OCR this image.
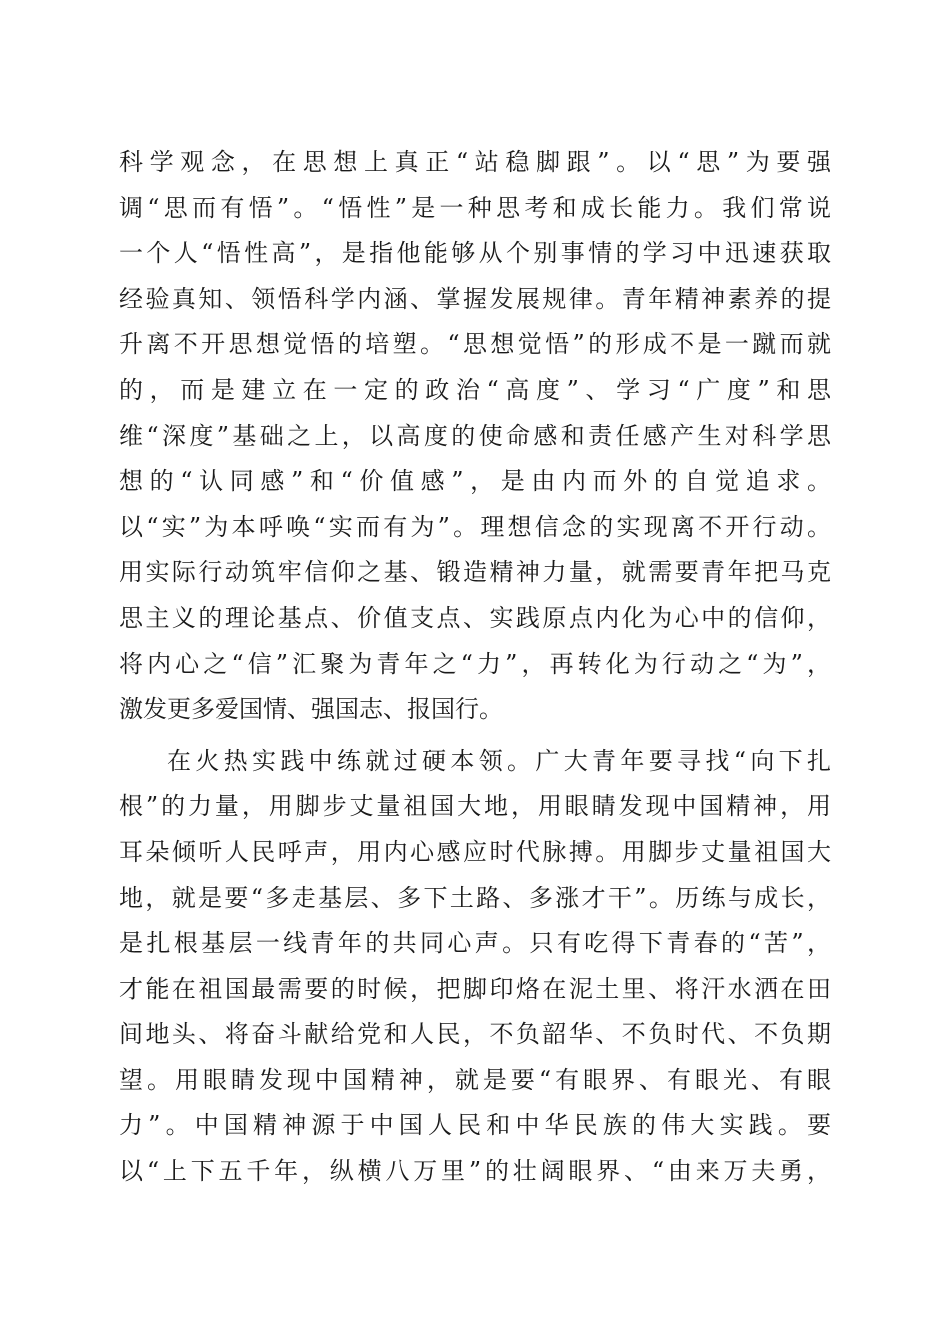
科学观念，在思想上真正“站稳脚跟”。以“思”为要强
调“思而有悟”。“悟性”是一种思考和成长能力。我们常说
一个人“悟性高”，是指他能够从个别事情的学习中迅速获取
经验真知、领悟科学内涵、掌握发展规律。青年精神素养的提
升离不开思想觉悟的培塑。“思想觉悟”的形成不是一蹴而就
的，而是建立在一定的政治“高度”、学习“广度”和思
维“深度”基础之上，以高度的使命感和责任感产生对科学思
想的“认同感”和“价值感”，是由内而外的自觉追求。
以“实”为本呼唤“实而有为”。理想信念的实现离不开行动。
用实际行动筑牢信仰之基、锻造精神力量，就需要青年把马克
思主义的理论基点、价值支点、实践原点内化为心中的信仰，
将内心之“信”汇聚为青年之“力”，再转化为行动之“为”，
激发更多爱国情、强国志、报国行。
在火热实践中练就过硬本领。广大青年要寻找“向下扎
根”的力量，用脚步丈量祖国大地，用眼睛发现中国精神，用
耳朵倾听人民呼声，用内心感应时代脉搏。用脚步丈量祖国大
地，就是要“多走基层、多下土路、多涨才干”。历练与成长，
是扎根基层一线青年的共同心声。只有吃得下青春的“苦”，
才能在祖国最需要的时候，把脚印烙在泥土里、将汗水洒在田
间地头、将奋斗献给党和人民，不负韶华、不负时代、不负期
望。用眼睛发现中国精神，就是要“有眼界、有眼光、有眼
力”。中国精神源于中国人民和中华民族的伟大实践。要
以“上下五千年，纵横八万里”的壮阔眼界、“由来万夫勇，
